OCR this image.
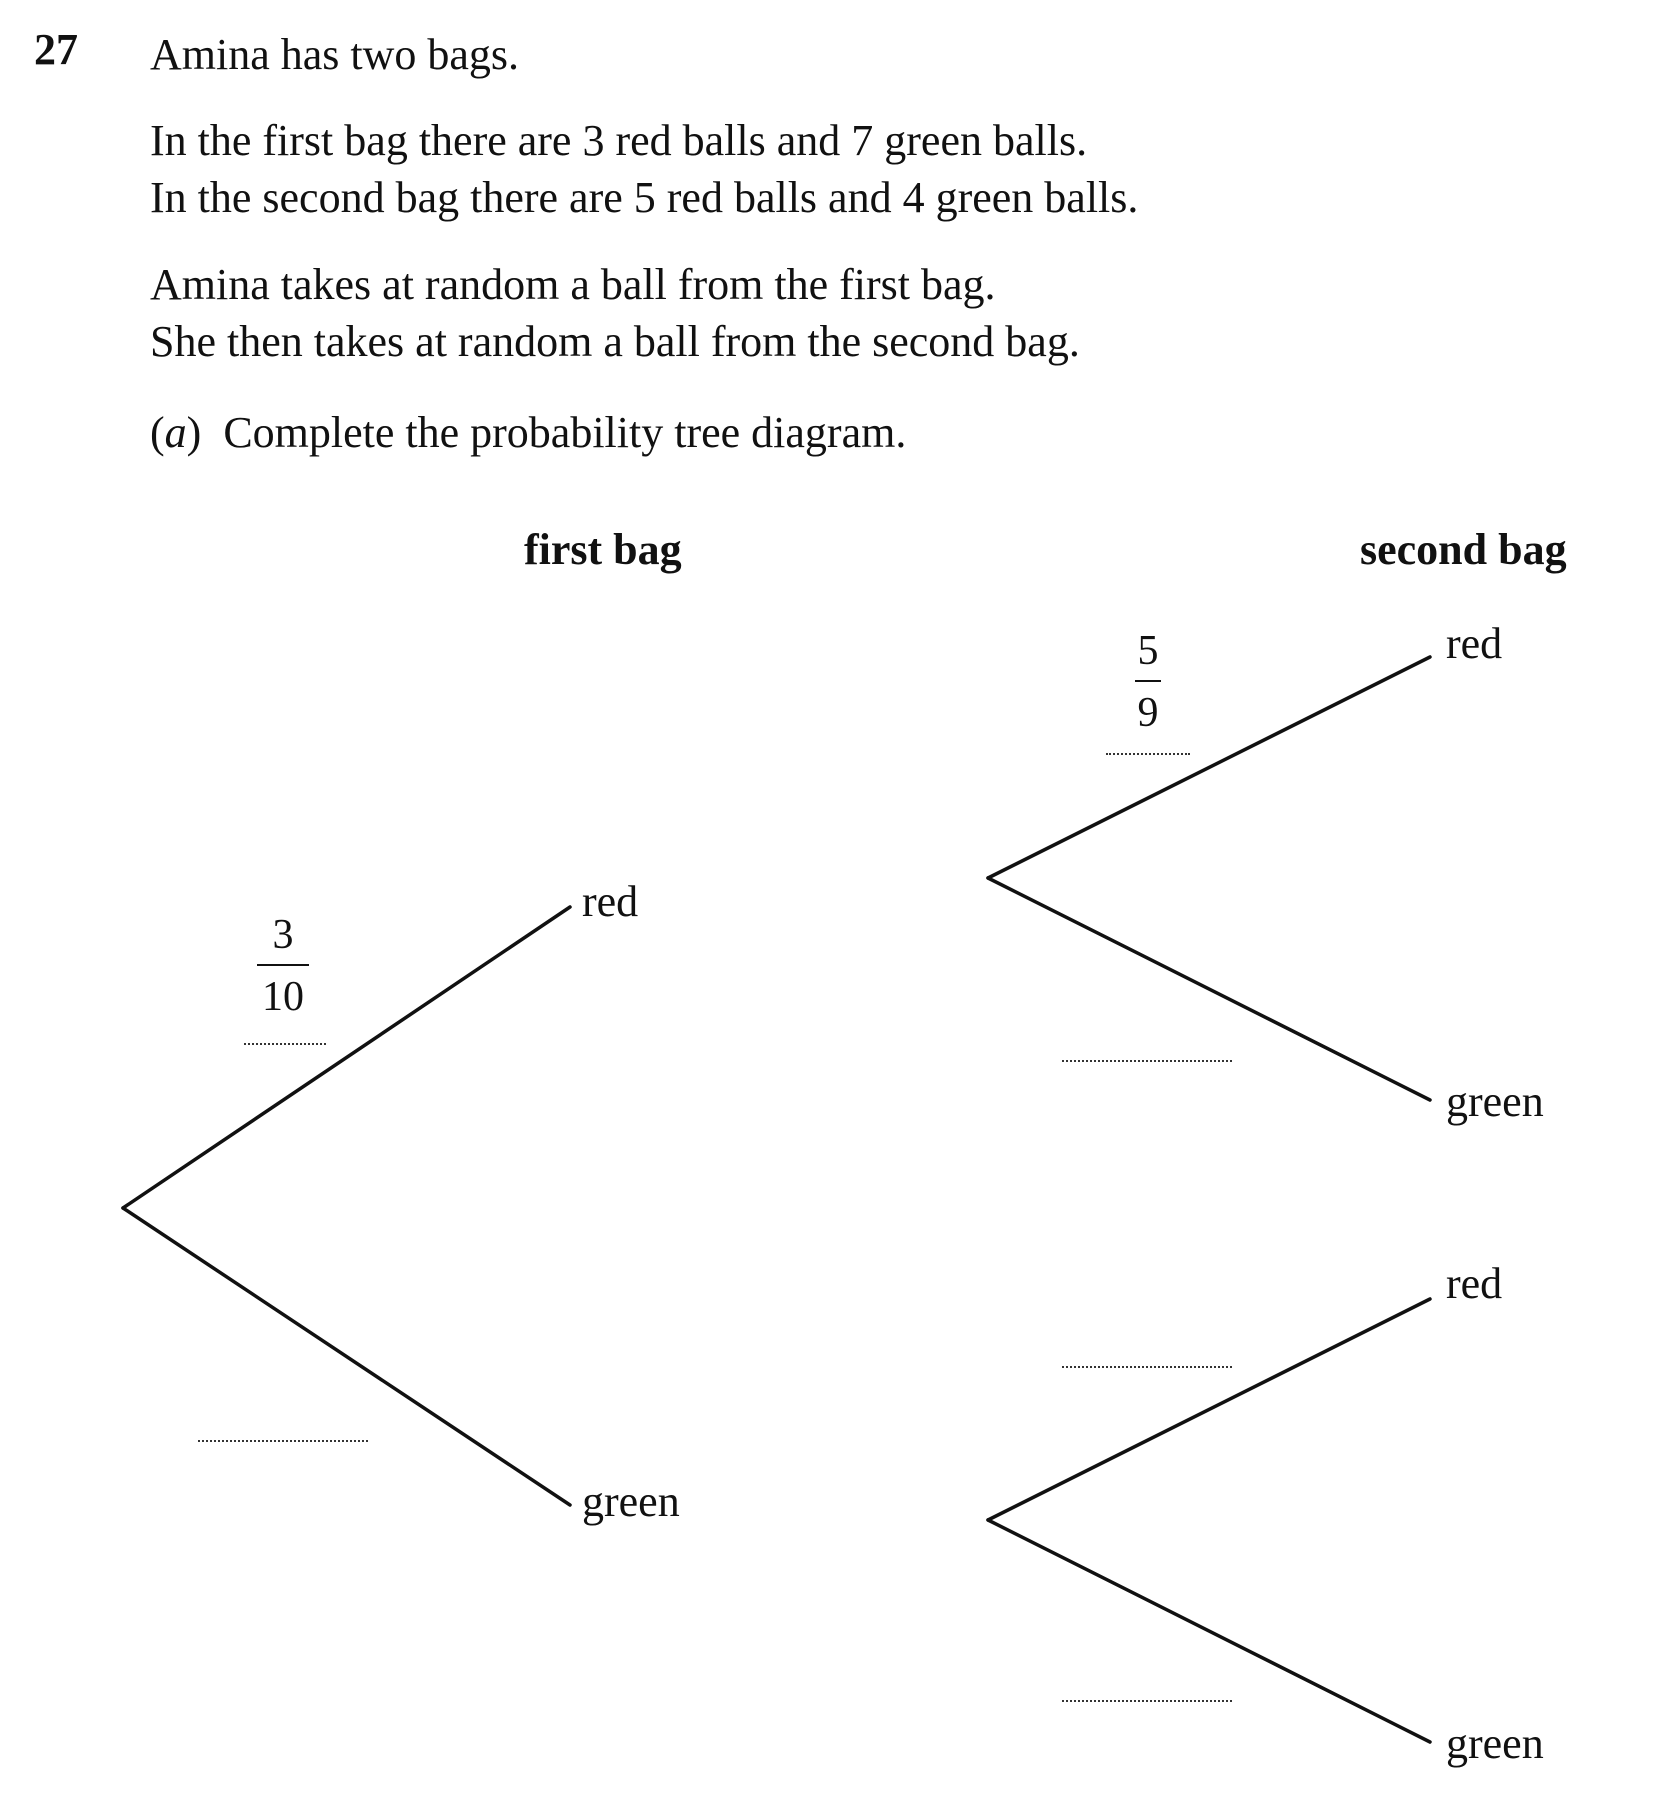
27 Amina has two bags.

In the first bag there are 3 red balls and 7 green balls.
In the second bag there are 5 red balls and 4 green balls.

Amina takes at random a ball from the first bag.
She then takes at random a ball from the second bag.

(a) Complete the probability tree diagram.
first bag	second bag
red
green
3
10
red
green
5
9
red
green
